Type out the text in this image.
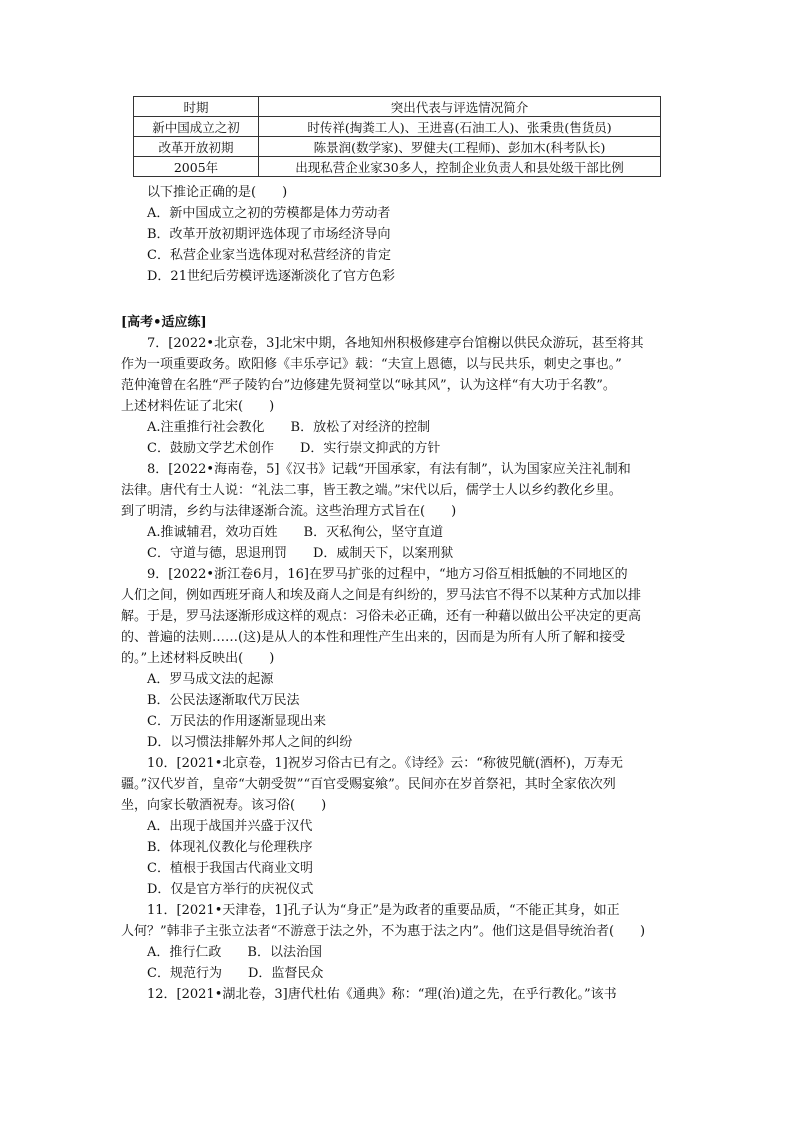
时期	突出代表与评选情况简介
新中国成立之初	时传祥(掏粪工人)、王进喜(石油工人)、张秉贵(售货员)
改革开放初期	陈景润(数学家)、罗健夫(工程师)、彭加木(科考队长)
2005年	出现私营企业家30多人，控制企业负责人和县处级干部比例
以下推论正确的是(　　)
A．新中国成立之初的劳模都是体力劳动者
B．改革开放初期评选体现了市场经济导向
C．私营企业家当选体现对私营经济的肯定
D．21世纪后劳模评选逐渐淡化了官方色彩
[高考•适应练]
7．[2022•北京卷，3]北宋中期，各地知州积极修建亭台馆榭以供民众游玩，甚至将其
作为一项重要政务。欧阳修《丰乐亭记》载：“夫宣上恩德，以与民共乐，刺史之事也。”
范仲淹曾在名胜“严子陵钓台”边修建先贤祠堂以“咏其风”，认为这样“有大功于名教”。
上述材料佐证了北宋(　　)
A.注重推行社会教化　　B．放松了对经济的控制
C．鼓励文学艺术创作　　D．实行崇文抑武的方针
8．[2022•海南卷，5]《汉书》记载“开国承家，有法有制”，认为国家应关注礼制和
法律。唐代有士人说：“礼法二事，皆王教之端。”宋代以后，儒学士人以乡约教化乡里。
到了明清，乡约与法律逐渐合流。这些治理方式旨在(　　)
A.推诚辅君，效功百姓　　B．灭私徇公，坚守直道
C．守道与德，思退刑罚　　D．威制天下，以案刑狱
9．[2022•浙江卷6月，16]在罗马扩张的过程中，“地方习俗互相抵触的不同地区的
人们之间，例如西班牙商人和埃及商人之间是有纠纷的，罗马法官不得不以某种方式加以排
解。于是，罗马法逐渐形成这样的观点：习俗未必正确，还有一种藉以做出公平决定的更高
的、普遍的法则……(这)是从人的本性和理性产生出来的，因而是为所有人所了解和接受
的。”上述材料反映出(　　)
A．罗马成文法的起源
B．公民法逐渐取代万民法
C．万民法的作用逐渐显现出来
D．以习惯法排解外邦人之间的纠纷
10．[2021•北京卷，1]祝岁习俗古已有之。《诗经》云：“称彼兕觥(酒杯)，万寿无
疆。”汉代岁首，皇帝“大朝受贺”“百官受赐宴飨”。民间亦在岁首祭祀，其时全家依次列
坐，向家长敬酒祝寿。该习俗(　　)
A．出现于战国并兴盛于汉代
B．体现礼仪教化与伦理秩序
C．植根于我国古代商业文明
D．仅是官方举行的庆祝仪式
11．[2021•天津卷，1]孔子认为“身正”是为政者的重要品质，“不能正其身，如正
人何？”韩非子主张立法者“不游意于法之外，不为惠于法之内”。他们这是倡导统治者(　　)
A．推行仁政　　B．以法治国
C．规范行为　　D．监督民众
12．[2021•湖北卷，3]唐代杜佑《通典》称：“理(治)道之先，在乎行教化。”该书
